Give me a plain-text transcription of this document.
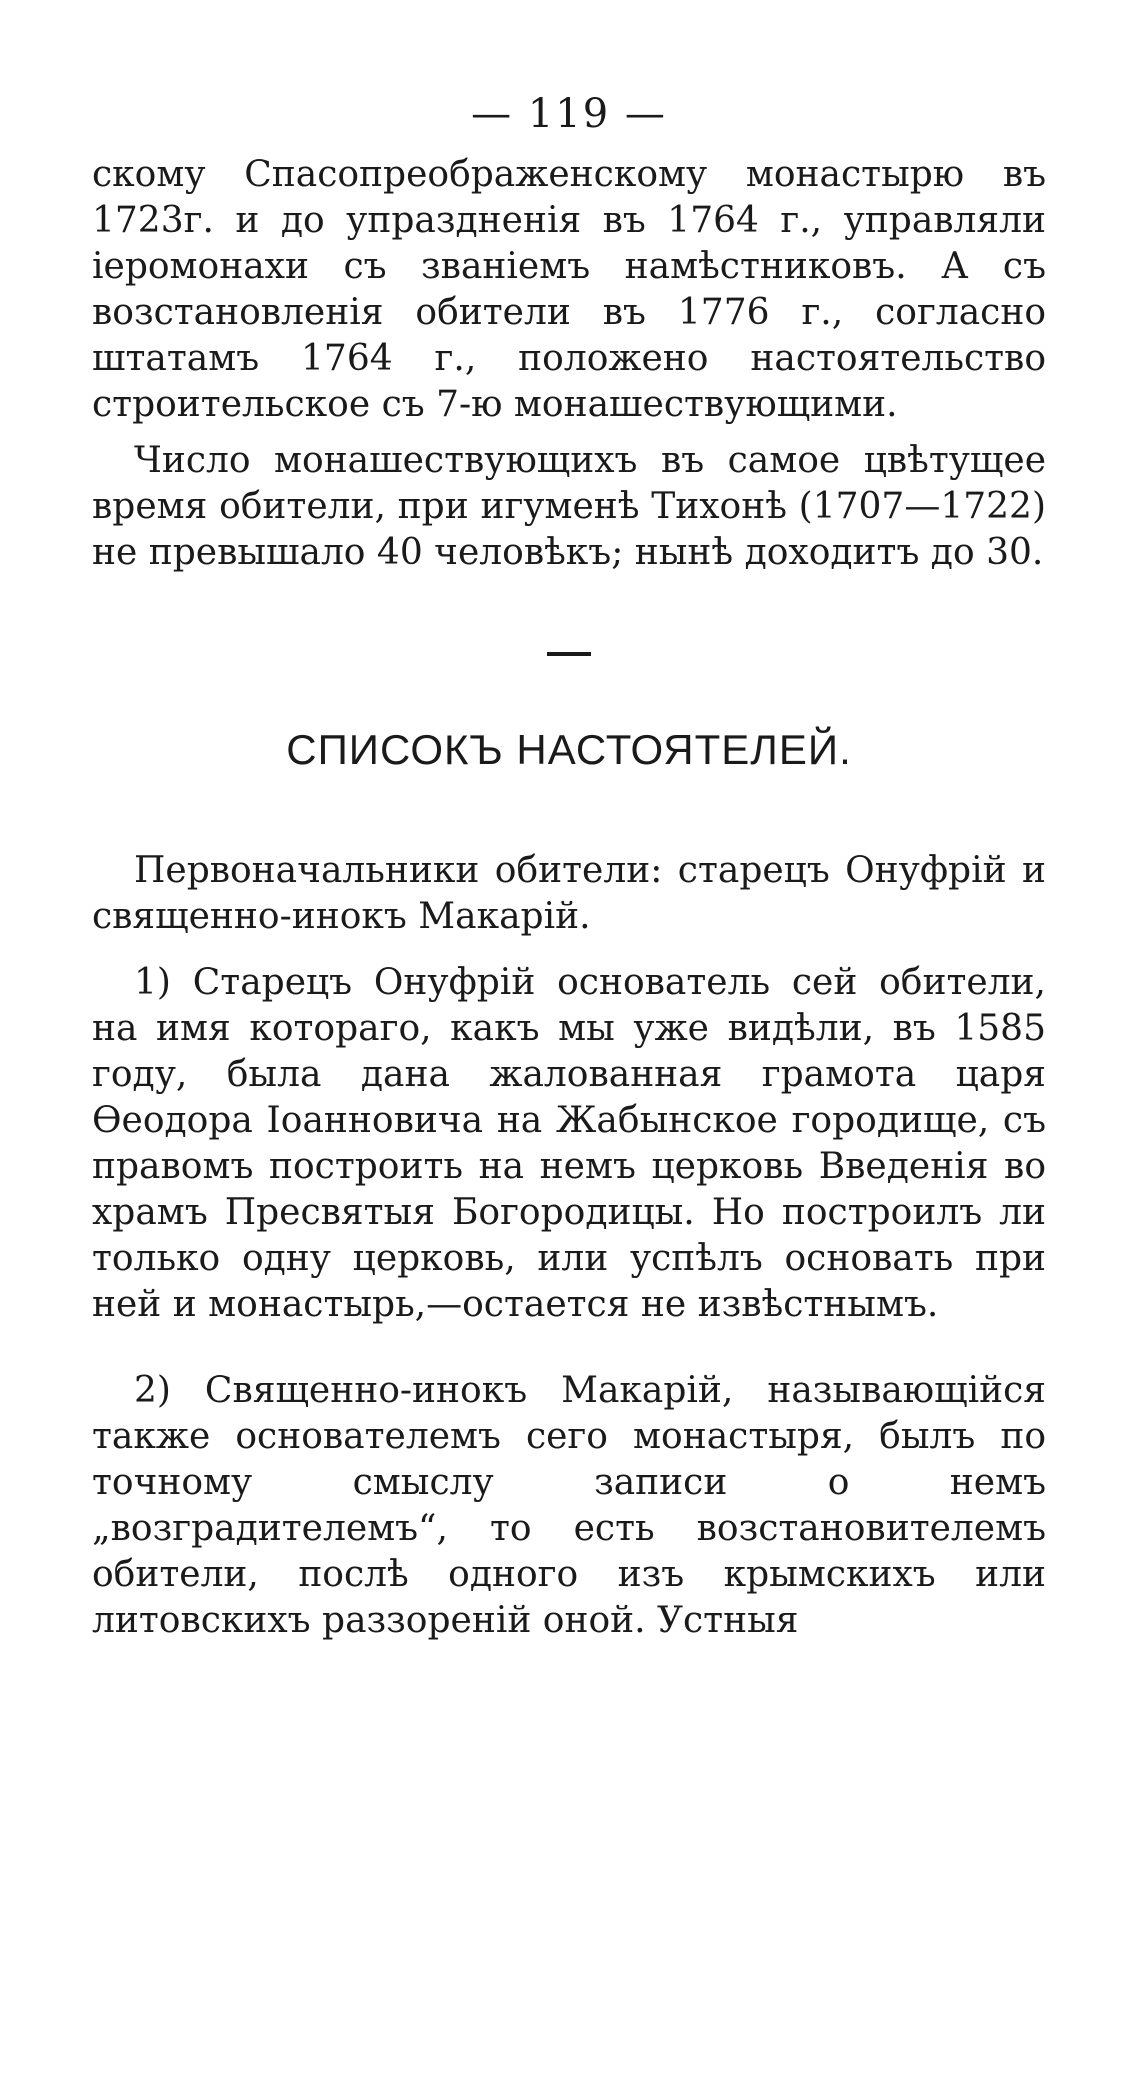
— 119 —

скому Спасопреображенскому монастырю въ 1723г. и до упраздненія въ 1764 г., управляли іеромонахи съ званіемъ намѣстниковъ. А съ возстановленія обители въ 1776 г., согласно штатамъ 1764 г., положено настоятельство строительское съ 7-ю монашествующими.

Число монашествующихъ въ самое цвѣтущее время обители, при игуменѣ Тихонѣ (1707—1722) не превышало 40 человѣкъ; нынѣ доходитъ до 30.

СПИСОКЪ НАСТОЯТЕЛЕЙ.

Первоначальники обители: старецъ Онуфрій и священно-инокъ Макарій.

1) Старецъ Онуфрій основатель сей обители, на имя котораго, какъ мы уже видѣли, въ 1585 году, была дана жалованная грамота царя Ѳеодора Іоанновича на Жабынское городище, съ правомъ построить на немъ церковь Введенія во храмъ Пресвятыя Богородицы. Но построилъ ли только одну церковь, или успѣлъ основать при ней и монастырь,—остается не извѣстнымъ.

2) Священно-инокъ Макарій, называющійся также основателемъ сего монастыря, былъ по точному смыслу записи о немъ „возградителемъ“, то есть возстановителемъ обители, послѣ одного изъ крымскихъ или литовскихъ раззореній оной. Устныя
